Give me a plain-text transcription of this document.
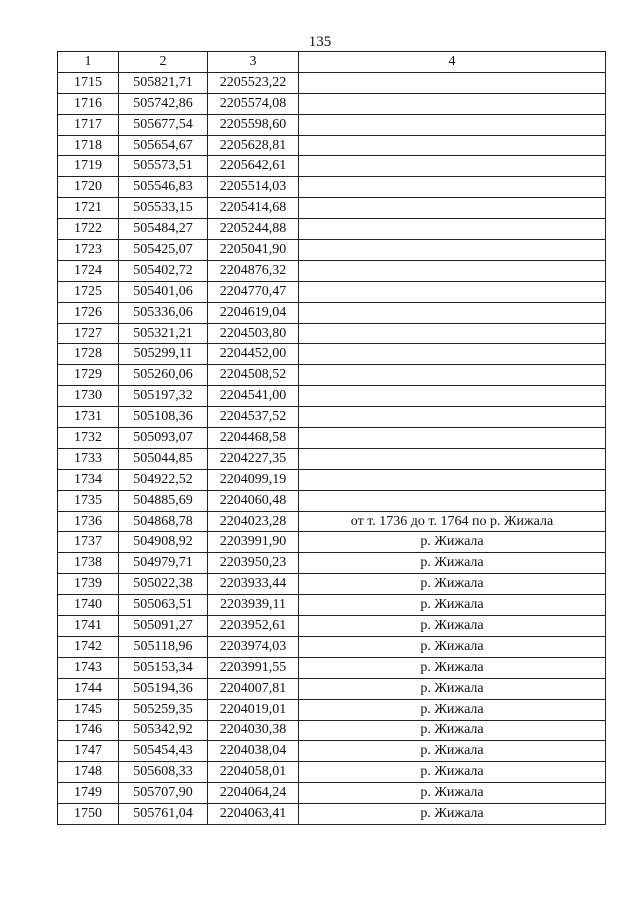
135
1	2	3	4
1715	505821,71	2205523,22	
1716	505742,86	2205574,08	
1717	505677,54	2205598,60	
1718	505654,67	2205628,81	
1719	505573,51	2205642,61	
1720	505546,83	2205514,03	
1721	505533,15	2205414,68	
1722	505484,27	2205244,88	
1723	505425,07	2205041,90	
1724	505402,72	2204876,32	
1725	505401,06	2204770,47	
1726	505336,06	2204619,04	
1727	505321,21	2204503,80	
1728	505299,11	2204452,00	
1729	505260,06	2204508,52	
1730	505197,32	2204541,00	
1731	505108,36	2204537,52	
1732	505093,07	2204468,58	
1733	505044,85	2204227,35	
1734	504922,52	2204099,19	
1735	504885,69	2204060,48	
1736	504868,78	2204023,28	от т. 1736 до т. 1764 по р. Жижала
1737	504908,92	2203991,90	р. Жижала
1738	504979,71	2203950,23	р. Жижала
1739	505022,38	2203933,44	р. Жижала
1740	505063,51	2203939,11	р. Жижала
1741	505091,27	2203952,61	р. Жижала
1742	505118,96	2203974,03	р. Жижала
1743	505153,34	2203991,55	р. Жижала
1744	505194,36	2204007,81	р. Жижала
1745	505259,35	2204019,01	р. Жижала
1746	505342,92	2204030,38	р. Жижала
1747	505454,43	2204038,04	р. Жижала
1748	505608,33	2204058,01	р. Жижала
1749	505707,90	2204064,24	р. Жижала
1750	505761,04	2204063,41	р. Жижала
